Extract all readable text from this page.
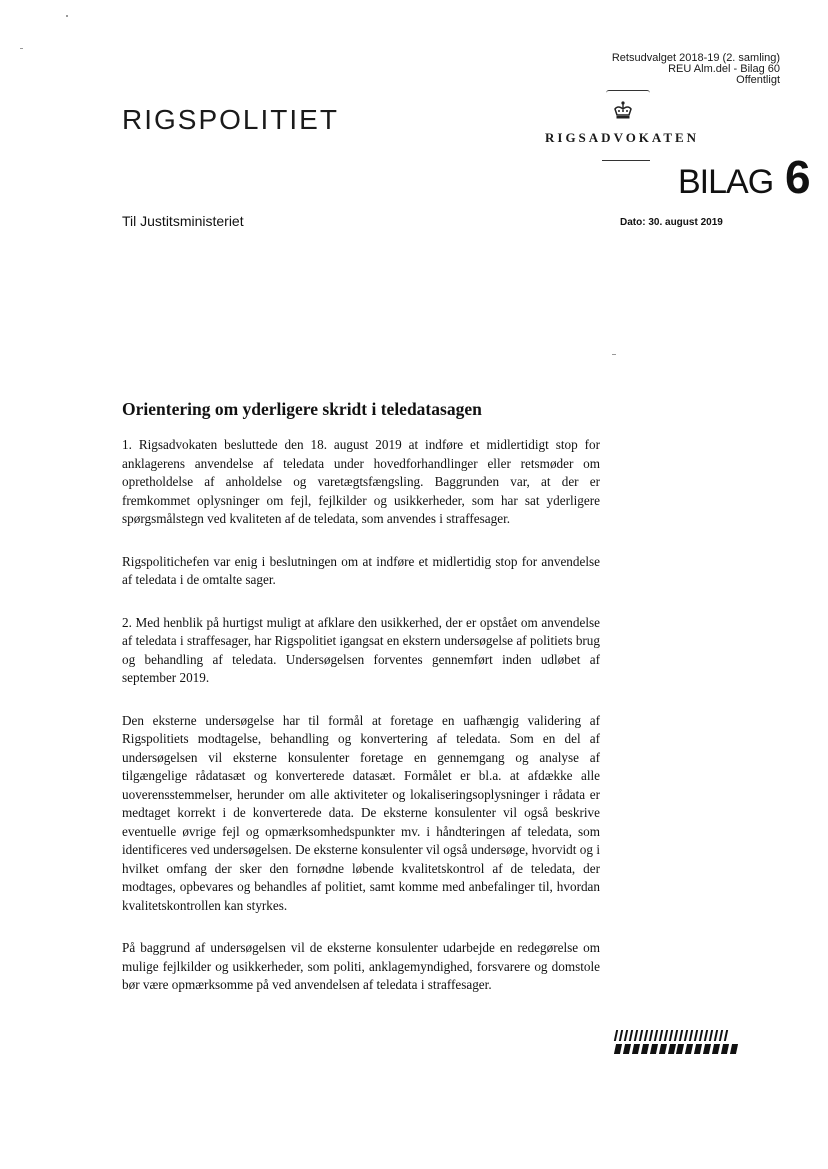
Retsudvalget 2018-19 (2. samling)
REU Alm.del - Bilag 60
Offentligt
RIGSPOLITIET
RIGSADVOKATEN
BILAG 6
Til Justitsministeriet	Dato: 30. august 2019
Orientering om yderligere skridt i teledatasagen

1. Rigsadvokaten besluttede den 18. august 2019 at indføre et midlertidigt stop for anklagerens anvendelse af teledata under hovedforhandlinger eller retsmøder om opretholdelse af anholdelse og varetægtsfængsling. Baggrunden var, at der er fremkommet oplysninger om fejl, fejlkilder og usikkerheder, som har sat yderligere spørgsmålstegn ved kvaliteten af de teledata, som anvendes i straffesager.

Rigspolitichefen var enig i beslutningen om at indføre et midlertidig stop for anvendelse af teledata i de omtalte sager.

2. Med henblik på hurtigst muligt at afklare den usikkerhed, der er opstået om anvendelse af teledata i straffesager, har Rigspolitiet igangsat en ekstern undersøgelse af politiets brug og behandling af teledata. Undersøgelsen forventes gennemført inden udløbet af september 2019.

Den eksterne undersøgelse har til formål at foretage en uafhængig validering af Rigspolitiets modtagelse, behandling og konvertering af teledata. Som en del af undersøgelsen vil eksterne konsulenter foretage en gennemgang og analyse af tilgængelige rådatasæt og konverterede datasæt. Formålet er bl.a. at afdække alle uoverensstemmelser, herunder om alle aktiviteter og lokaliseringsoplysninger i rådata er medtaget korrekt i de konverterede data. De eksterne konsulenter vil også beskrive eventuelle øvrige fejl og opmærksomhedspunkter mv. i håndteringen af teledata, som identificeres ved undersøgelsen. De eksterne konsulenter vil også undersøge, hvorvidt og i hvilket omfang der sker den fornødne løbende kvalitetskontrol af de teledata, der modtages, opbevares og behandles af politiet, samt komme med anbefalinger til, hvordan kvalitetskontrollen kan styrkes.

På baggrund af undersøgelsen vil de eksterne konsulenter udarbejde en redegørelse om mulige fejlkilder og usikkerheder, som politi, anklagemyndighed, forsvarere og domstole bør være opmærksomme på ved anvendelsen af teledata i straffesager.
